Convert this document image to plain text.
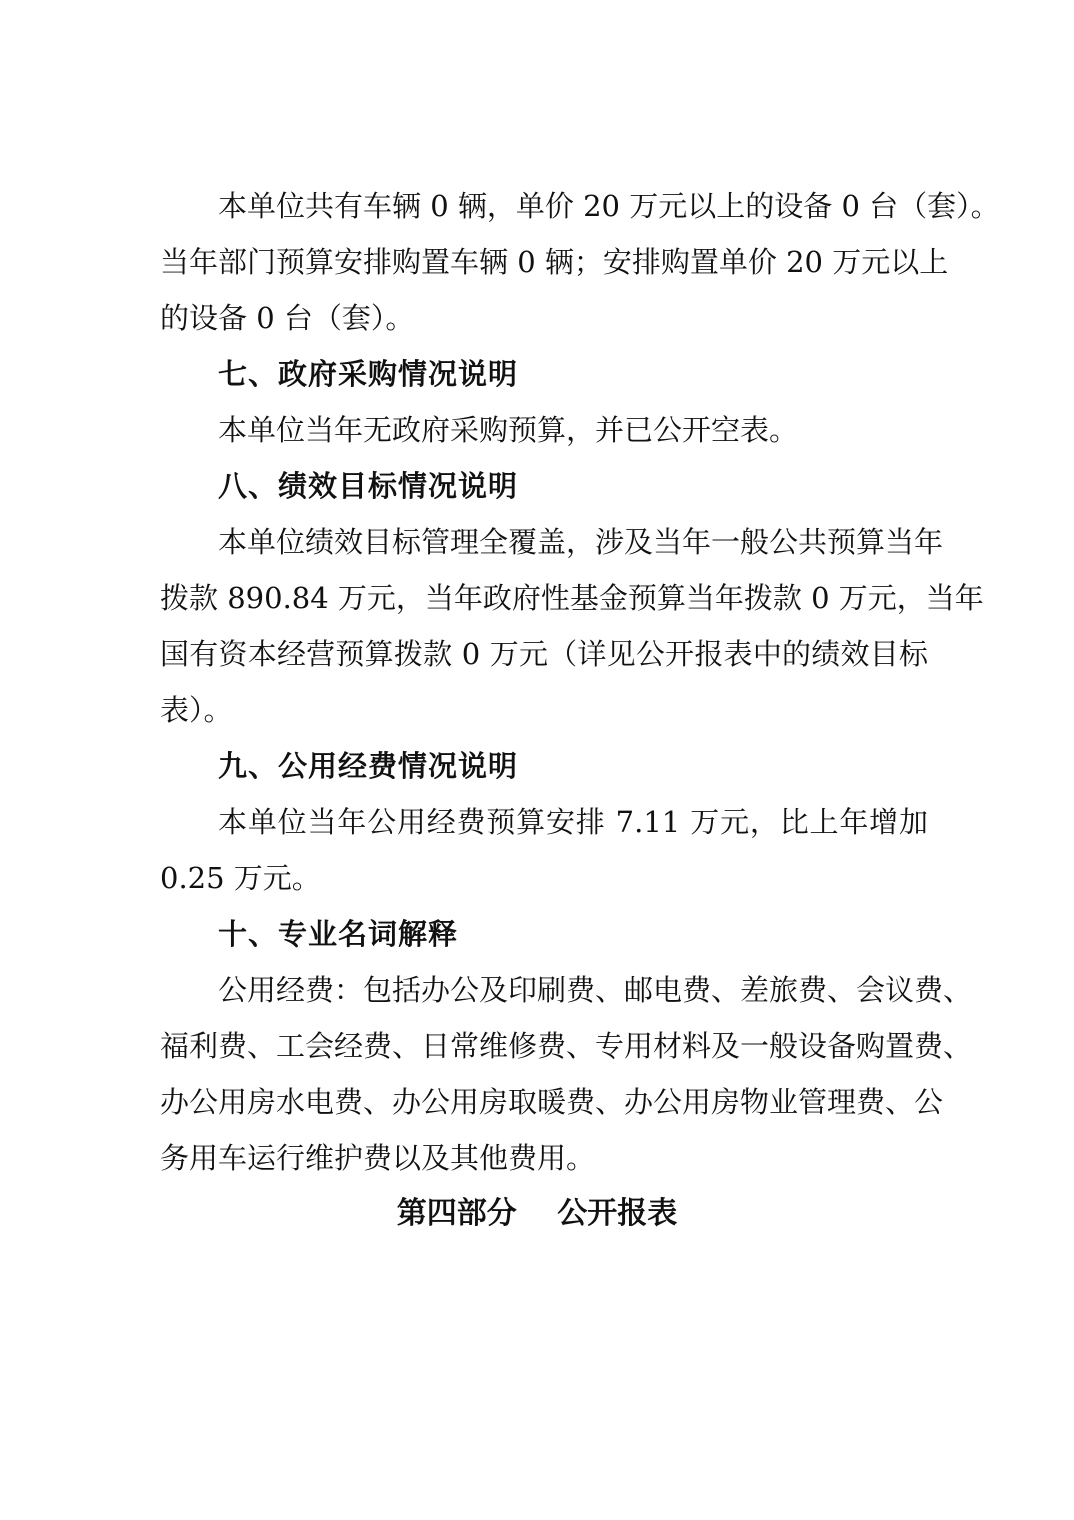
本单位共有车辆 0 辆，单价 20 万元以上的设备 0 台（套）。
当年部门预算安排购置车辆 0 辆；安排购置单价 20 万元以上
的设备 0 台（套）。
七、政府采购情况说明
本单位当年无政府采购预算，并已公开空表。
八、绩效目标情况说明
本单位绩效目标管理全覆盖，涉及当年一般公共预算当年
拨款 890.84 万元，当年政府性基金预算当年拨款 0 万元，当年
国有资本经营预算拨款 0 万元（详见公开报表中的绩效目标
表）。
九、公用经费情况说明
本单位当年公用经费预算安排 7.11 万元，比上年增加
0.25 万元。
十、专业名词解释
公用经费：包括办公及印刷费、邮电费、差旅费、会议费、
福利费、工会经费、日常维修费、专用材料及一般设备购置费、
办公用房水电费、办公用房取暖费、办公用房物业管理费、公
务用车运行维护费以及其他费用。
第四部分　 公开报表
